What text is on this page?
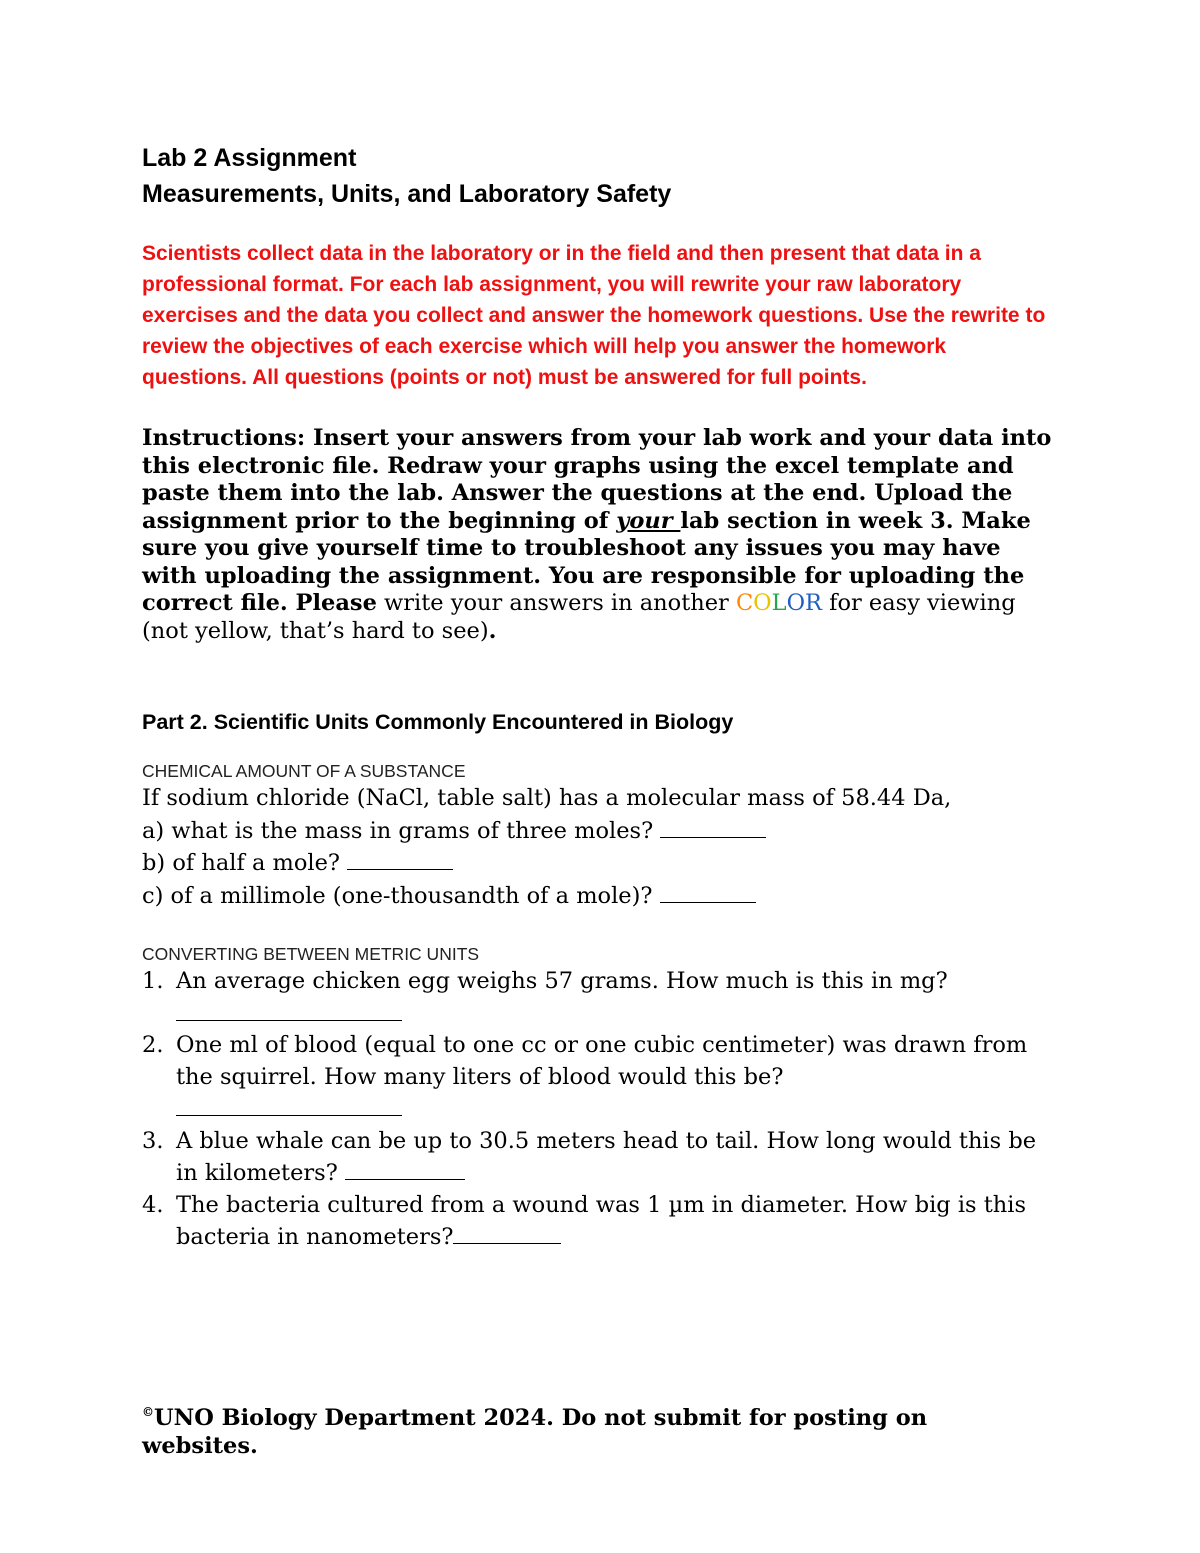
Lab 2 Assignment

Measurements, Units, and Laboratory Safety

Scientists collect data in the laboratory or in the field and then present that data in a professional format. For each lab assignment, you will rewrite your raw laboratory exercises and the data you collect and answer the homework questions. Use the rewrite to review the objectives of each exercise which will help you answer the homework questions. All questions (points or not) must be answered for full points.

Instructions: Insert your answers from your lab work and your data into this electronic file. Redraw your graphs using the excel template and paste them into the lab. Answer the questions at the end. Upload the assignment prior to the beginning of your lab section in week 3. Make sure you give yourself time to troubleshoot any issues you may have with uploading the assignment. You are responsible for uploading the correct file. Please write your answers in another COLOR for easy viewing (not yellow, that’s hard to see).

Part 2. Scientific Units Commonly Encountered in Biology

CHEMICAL AMOUNT OF A SUBSTANCE

If sodium chloride (NaCl, table salt) has a molecular mass of 58.44 Da,

a) what is the mass in grams of three moles?

b) of half a mole?

c) of a millimole (one-thousandth of a mole)?

CONVERTING BETWEEN METRIC UNITS

1. An average chicken egg weighs 57 grams. How much is this in mg?

2. One ml of blood (equal to one cc or one cubic centimeter) was drawn from the squirrel. How many liters of blood would this be?

3. A blue whale can be up to 30.5 meters head to tail. How long would this be in kilometers?
4. The bacteria cultured from a wound was 1 µm in diameter. How big is this bacteria in nanometers?
©UNO Biology Department 2024. Do not submit for posting on websites.
